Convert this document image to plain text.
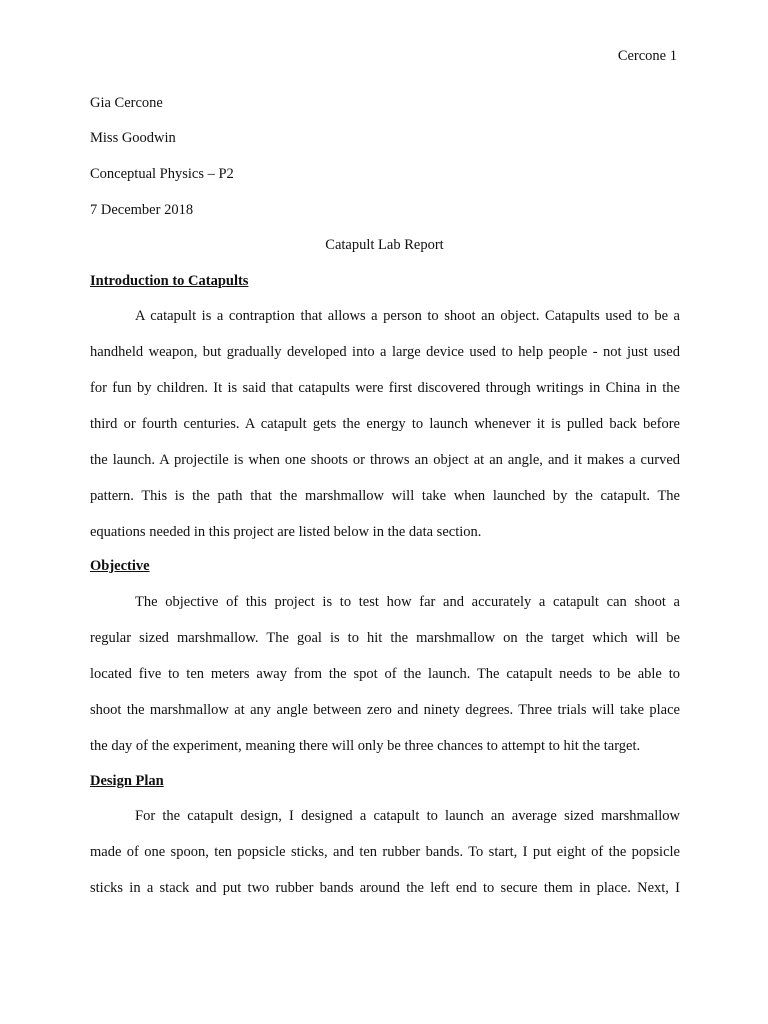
Cercone 1
Gia Cercone
Miss Goodwin
Conceptual Physics – P2
7 December 2018
Catapult Lab Report
Introduction to Catapults
A catapult is a contraption that allows a person to shoot an object. Catapults used to be a
handheld weapon, but gradually developed into a large device used to help people - not just used
for fun by children. It is said that catapults were first discovered through writings in China in the
third or fourth centuries. A catapult gets the energy to launch whenever it is pulled back before
the launch. A projectile is when one shoots or throws an object at an angle, and it makes a curved
pattern. This is the path that the marshmallow will take when launched by the catapult. The
equations needed in this project are listed below in the data section.
Objective
The objective of this project is to test how far and accurately a catapult can shoot a
regular sized marshmallow. The goal is to hit the marshmallow on the target which will be
located five to ten meters away from the spot of the launch. The catapult needs to be able to
shoot the marshmallow at any angle between zero and ninety degrees. Three trials will take place
the day of the experiment, meaning there will only be three chances to attempt to hit the target.
Design Plan
For the catapult design, I designed a catapult to launch an average sized marshmallow
made of one spoon, ten popsicle sticks, and ten rubber bands. To start, I put eight of the popsicle
sticks in a stack and put two rubber bands around the left end to secure them in place. Next, I
